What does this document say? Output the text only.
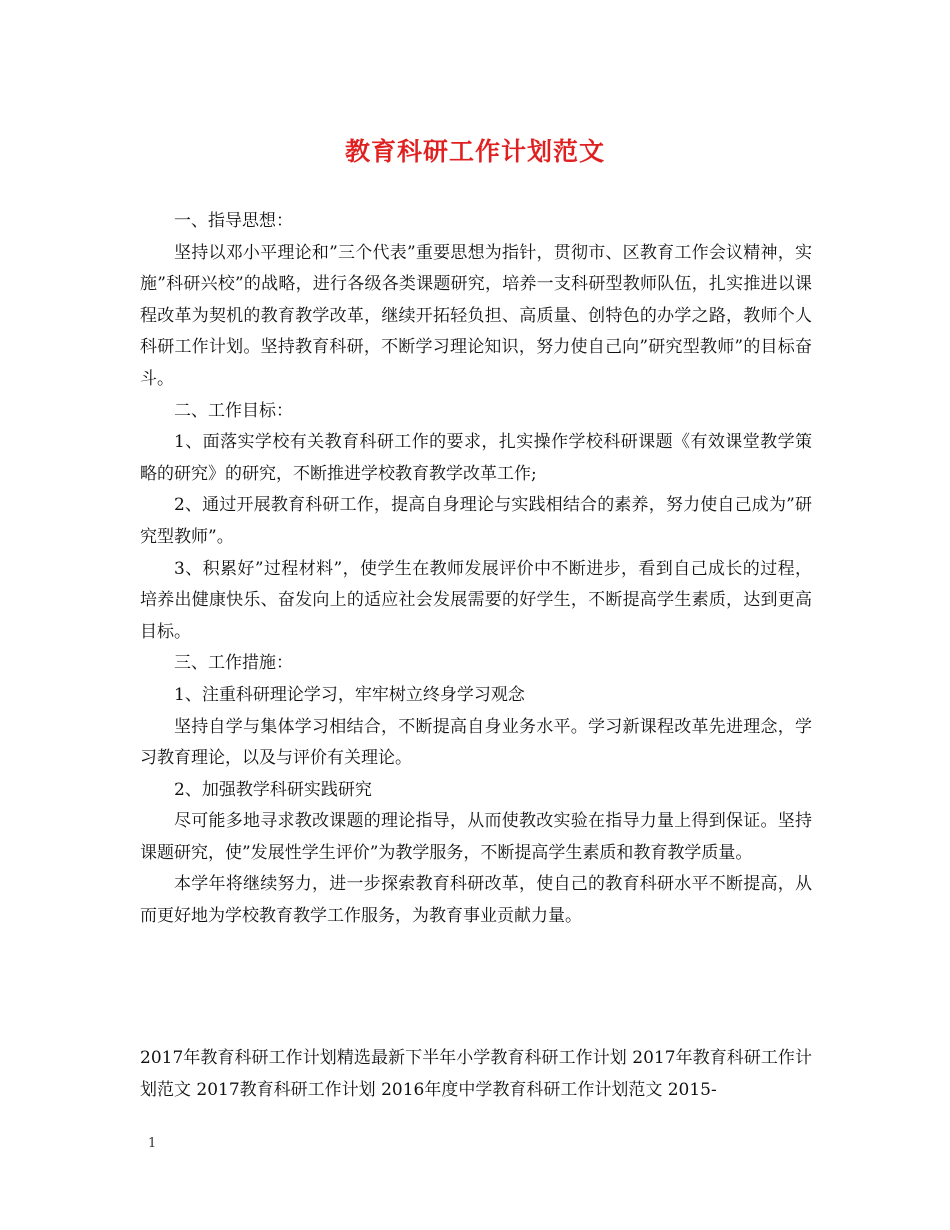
教育科研工作计划范文

一、指导思想：

坚持以邓小平理论和”三个代表”重要思想为指针，贯彻市、区教育工作会议精神，实施”科研兴校”的战略，进行各级各类课题研究，培养一支科研型教师队伍，扎实推进以课程改革为契机的教育教学改革，继续开拓轻负担、高质量、创特色的办学之路，教师个人科研工作计划。坚持教育科研，不断学习理论知识，努力使自己向”研究型教师”的目标奋斗。

二、工作目标：

1、面落实学校有关教育科研工作的要求，扎实操作学校科研课题《有效课堂教学策略的研究》的研究，不断推进学校教育教学改革工作;

2、通过开展教育科研工作，提高自身理论与实践相结合的素养，努力使自己成为”研究型教师”。

3、积累好”过程材料”，使学生在教师发展评价中不断进步，看到自己成长的过程，培养出健康快乐、奋发向上的适应社会发展需要的好学生，不断提高学生素质，达到更高目标。

三、工作措施：

1、注重科研理论学习，牢牢树立终身学习观念

坚持自学与集体学习相结合，不断提高自身业务水平。学习新课程改革先进理念，学习教育理论，以及与评价有关理论。

2、加强教学科研实践研究

尽可能多地寻求教改课题的理论指导，从而使教改实验在指导力量上得到保证。坚持课题研究，使”发展性学生评价”为教学服务，不断提高学生素质和教育教学质量。

本学年将继续努力，进一步探索教育科研改革，使自己的教育科研水平不断提高，从而更好地为学校教育教学工作服务，为教育事业贡献力量。

2017年教育科研工作计划精选最新下半年小学教育科研工作计划 2017年教育科研工作计划范文 2017教育科研工作计划 2016年度中学教育科研工作计划范文 2015-
1
